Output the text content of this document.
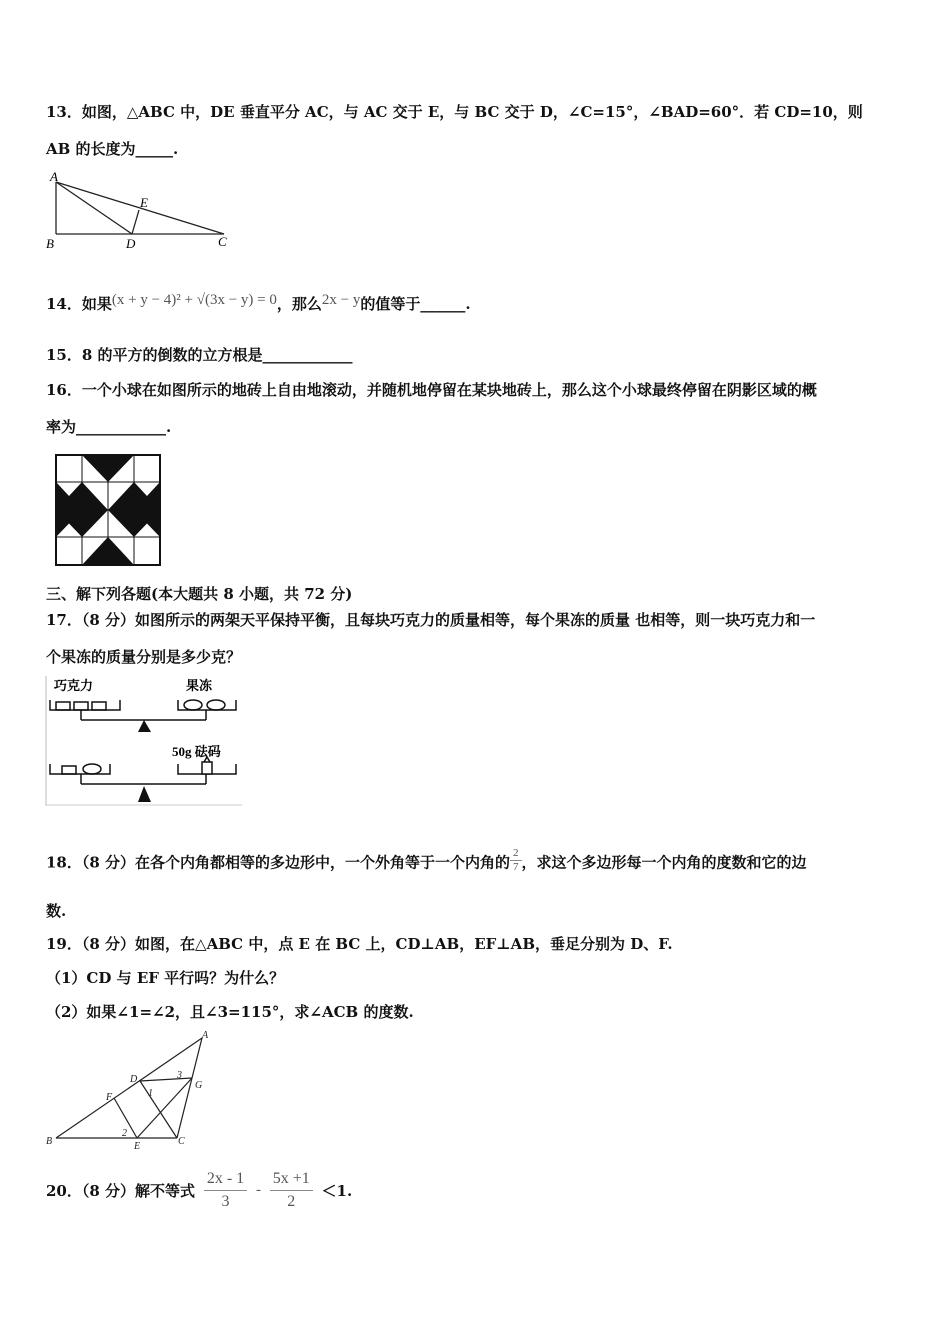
13．如图，△ABC 中，DE 垂直平分 AC，与 AC 交于 E，与 BC 交于 D，∠C=15°，∠BAD=60°．若 CD=10，则
AB 的长度为_____.
A
E
B	D	C
14．如果(x + y − 4)² + √(3x − y) = 0，那么2x − y的值等于______.
15．8 的平方的倒数的立方根是____________
16．一个小球在如图所示的地砖上自由地滚动，并随机地停留在某块地砖上，那么这个小球最终停留在阴影区域的概
率为____________.
三、解下列各题(本大题共 8 小题，共 72 分)
17．（8 分）如图所示的两架天平保持平衡，且每块巧克力的质量相等，每个果冻的质量 也相等，则一块巧克力和一
个果冻的质量分别是多少克？
巧克力	果冻
50g 砝码
18．（8 分）在各个内角都相等的多边形中，一个外角等于一个内角的 $\frac{2}{7}$ ，求这个多边形每一个内角的度数和它的边
数.
19．（8 分）如图，在△ABC 中，点 E 在 BC 上，CD⊥AB，EF⊥AB，垂足分别为 D、F.
（1）CD 与 EF 平行吗？为什么？
（2）如果∠1=∠2，且∠3=115°，求∠ACB 的度数.
A
D	3
G
F	1
2
B	E	C
20．（8 分）解不等式 $\frac{2x - 1}{3} - \frac{5x +1}{2} <1$.
